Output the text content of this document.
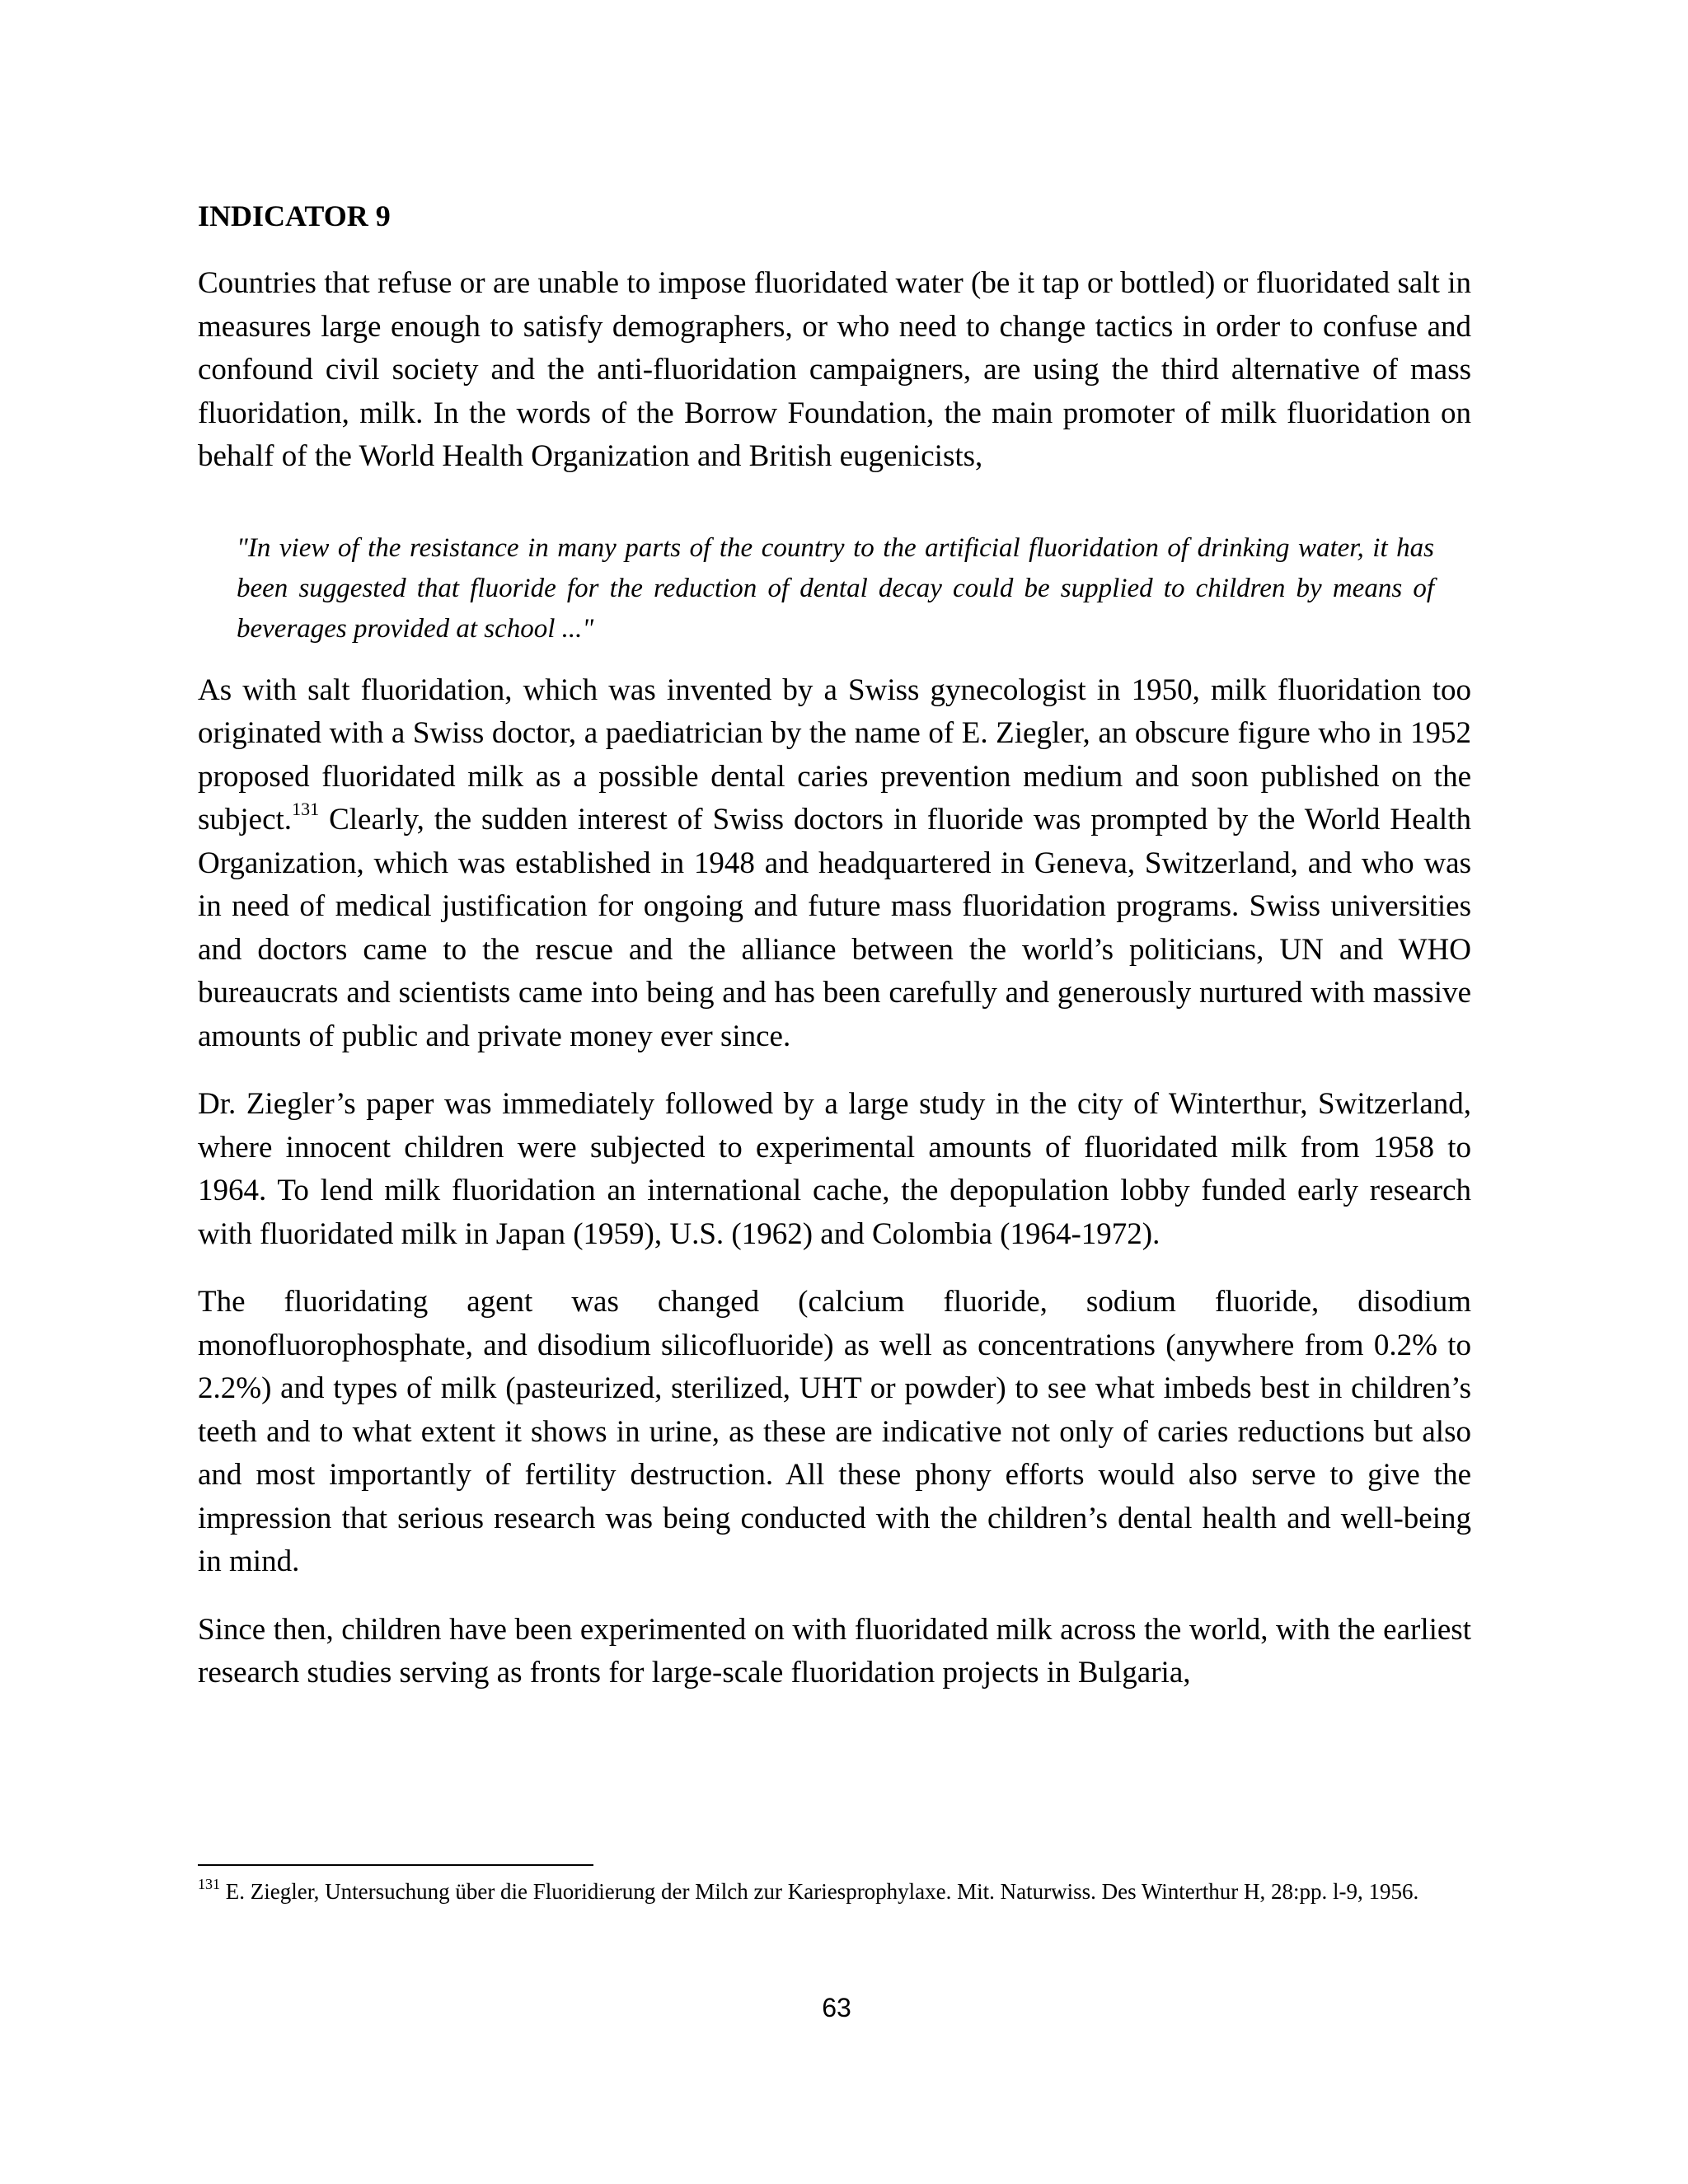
INDICATOR 9

Countries that refuse or are unable to impose fluoridated water (be it tap or bottled) or fluoridated salt in measures large enough to satisfy demographers, or who need to change tactics in order to confuse and confound civil society and the anti-fluoridation campaigners, are using the third alternative of mass fluoridation, milk. In the words of the Borrow Foundation, the main promoter of milk fluoridation on behalf of the World Health Organization and British eugenicists,

"In view of the resistance in many parts of the country to the artificial fluoridation of drinking water, it has been suggested that fluoride for the reduction of dental decay could be supplied to children by means of beverages provided at school ..."

As with salt fluoridation, which was invented by a Swiss gynecologist in 1950, milk fluoridation too originated with a Swiss doctor, a paediatrician by the name of E. Ziegler, an obscure figure who in 1952 proposed fluoridated milk as a possible dental caries prevention medium and soon published on the subject.$^{131}$ Clearly, the sudden interest of Swiss doctors in fluoride was prompted by the World Health Organization, which was established in 1948 and headquartered in Geneva, Switzerland, and who was in need of medical justification for ongoing and future mass fluoridation programs. Swiss universities and doctors came to the rescue and the alliance between the world’s politicians, UN and WHO bureaucrats and scientists came into being and has been carefully and generously nurtured with massive amounts of public and private money ever since.

Dr. Ziegler’s paper was immediately followed by a large study in the city of Winterthur, Switzerland, where innocent children were subjected to experimental amounts of fluoridated milk from 1958 to 1964. To lend milk fluoridation an international cache, the depopulation lobby funded early research with fluoridated milk in Japan (1959), U.S. (1962) and Colombia (1964-1972).

The fluoridating agent was changed (calcium fluoride, sodium fluoride, disodium monofluorophosphate, and disodium silicofluoride) as well as concentrations (anywhere from 0.2% to 2.2%) and types of milk (pasteurized, sterilized, UHT or powder) to see what imbeds best in children’s teeth and to what extent it shows in urine, as these are indicative not only of caries reductions but also and most importantly of fertility destruction. All these phony efforts would also serve to give the impression that serious research was being conducted with the children’s dental health and well-being in mind.

Since then, children have been experimented on with fluoridated milk across the world, with the earliest research studies serving as fronts for large-scale fluoridation projects in Bulgaria,

$^{131}$ E. Ziegler, Untersuchung über die Fluoridierung der Milch zur Kariesprophylaxe. Mit. Naturwiss. Des Winterthur H, 28:pp. l-9, 1956.
63
